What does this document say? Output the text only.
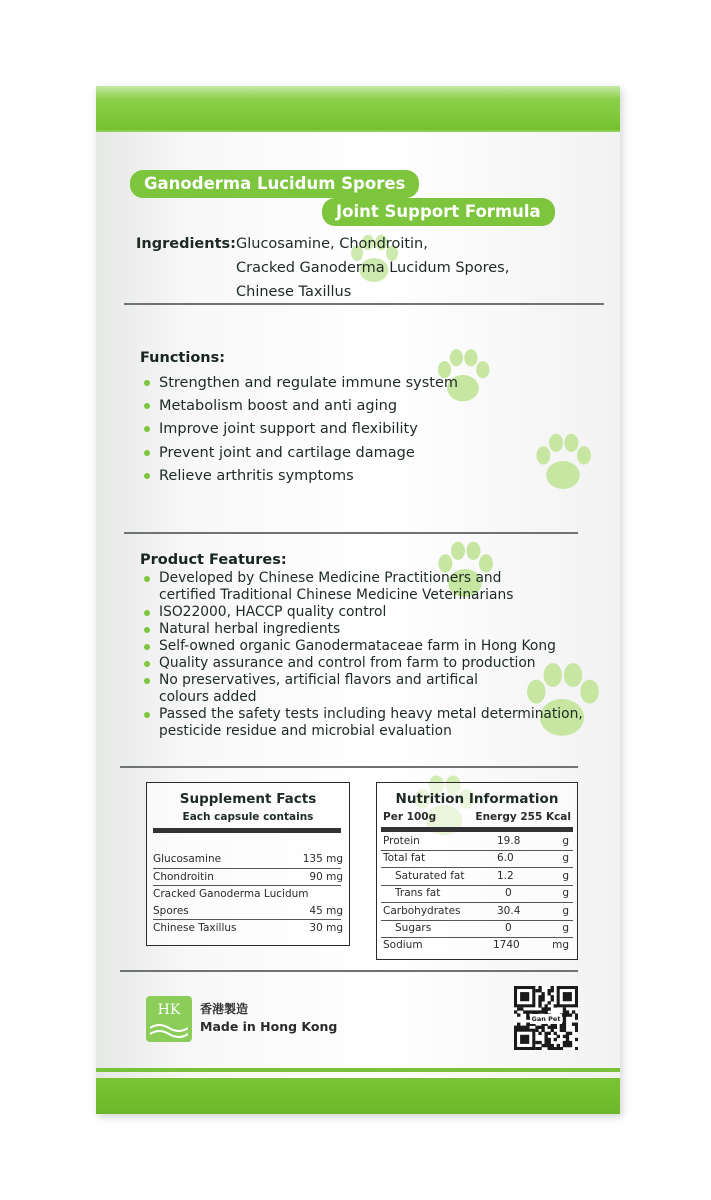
Ganoderma Lucidum Spores
Joint Support Formula
Ingredients: Glucosamine, Chondroitin,
Cracked Ganoderma Lucidum Spores,
Chinese Taxillus
Functions:
Strengthen and regulate immune system
Metabolism boost and anti aging
Improve joint support and flexibility
Prevent joint and cartilage damage
Relieve arthritis symptoms
Product Features:
Developed by Chinese Medicine Practitioners and
certified Traditional Chinese Medicine Veterinarians
ISO22000, HACCP quality control
Natural herbal ingredients
Self-owned organic Ganodermataceae farm in Hong Kong
Quality assurance and control from farm to production
No preservatives, artificial flavors and artifical
colours added
Passed the safety tests including heavy metal determination,
pesticide residue and microbial evaluation
Supplement Facts
Each capsule contains
Glucosamine	135 mg
Chondroitin	90 mg
Cracked Ganoderma Lucidum
Spores	45 mg
Chinese Taxillus	30 mg
Nutrition Information
Per 100g	Energy 255 Kcal
Protein	19.8	g
Total fat	6.0	g
Saturated fat	1.2	g
Trans fat	0	g
Carbohydrates	30.4	g
Sugars	0	g
Sodium	1740	mg
HK	香港製造
Made in Hong Kong	Gan Pet
